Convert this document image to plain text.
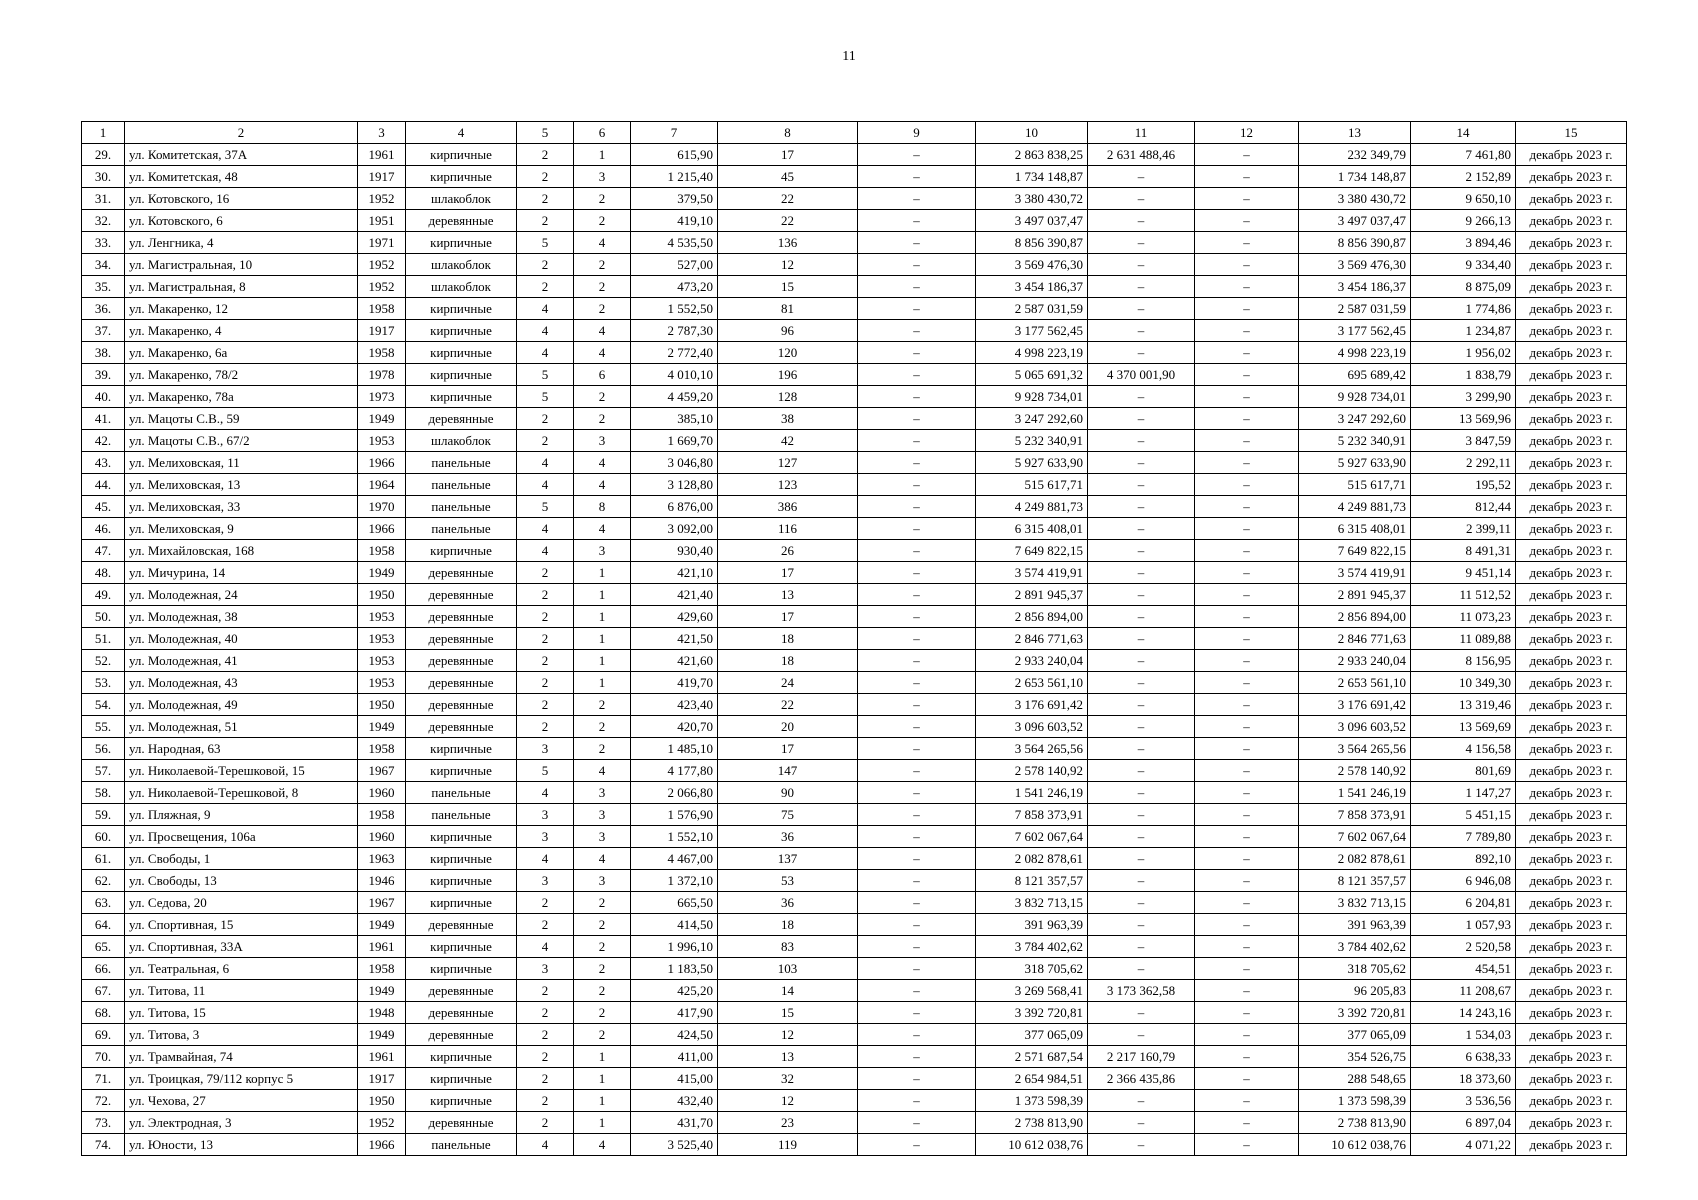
11
1	2	3	4	5	6	7	8	9	10	11	12	13	14	15
29.	ул. Комитетская, 37А	1961	кирпичные	2	1	615,90	17	–	2 863 838,25	2 631 488,46	–	232 349,79	7 461,80	декабрь 2023 г.
30.	ул. Комитетская, 48	1917	кирпичные	2	3	1 215,40	45	–	1 734 148,87	–	–	1 734 148,87	2 152,89	декабрь 2023 г.
31.	ул. Котовского, 16	1952	шлакоблок	2	2	379,50	22	–	3 380 430,72	–	–	3 380 430,72	9 650,10	декабрь 2023 г.
32.	ул. Котовского, 6	1951	деревянные	2	2	419,10	22	–	3 497 037,47	–	–	3 497 037,47	9 266,13	декабрь 2023 г.
33.	ул. Ленгника, 4	1971	кирпичные	5	4	4 535,50	136	–	8 856 390,87	–	–	8 856 390,87	3 894,46	декабрь 2023 г.
34.	ул. Магистральная, 10	1952	шлакоблок	2	2	527,00	12	–	3 569 476,30	–	–	3 569 476,30	9 334,40	декабрь 2023 г.
35.	ул. Магистральная, 8	1952	шлакоблок	2	2	473,20	15	–	3 454 186,37	–	–	3 454 186,37	8 875,09	декабрь 2023 г.
36.	ул. Макаренко, 12	1958	кирпичные	4	2	1 552,50	81	–	2 587 031,59	–	–	2 587 031,59	1 774,86	декабрь 2023 г.
37.	ул. Макаренко, 4	1917	кирпичные	4	4	2 787,30	96	–	3 177 562,45	–	–	3 177 562,45	1 234,87	декабрь 2023 г.
38.	ул. Макаренко, 6а	1958	кирпичные	4	4	2 772,40	120	–	4 998 223,19	–	–	4 998 223,19	1 956,02	декабрь 2023 г.
39.	ул. Макаренко, 78/2	1978	кирпичные	5	6	4 010,10	196	–	5 065 691,32	4 370 001,90	–	695 689,42	1 838,79	декабрь 2023 г.
40.	ул. Макаренко, 78а	1973	кирпичные	5	2	4 459,20	128	–	9 928 734,01	–	–	9 928 734,01	3 299,90	декабрь 2023 г.
41.	ул. Мацоты С.В., 59	1949	деревянные	2	2	385,10	38	–	3 247 292,60	–	–	3 247 292,60	13 569,96	декабрь 2023 г.
42.	ул. Мацоты С.В., 67/2	1953	шлакоблок	2	3	1 669,70	42	–	5 232 340,91	–	–	5 232 340,91	3 847,59	декабрь 2023 г.
43.	ул. Мелиховская, 11	1966	панельные	4	4	3 046,80	127	–	5 927 633,90	–	–	5 927 633,90	2 292,11	декабрь 2023 г.
44.	ул. Мелиховская, 13	1964	панельные	4	4	3 128,80	123	–	515 617,71	–	–	515 617,71	195,52	декабрь 2023 г.
45.	ул. Мелиховская, 33	1970	панельные	5	8	6 876,00	386	–	4 249 881,73	–	–	4 249 881,73	812,44	декабрь 2023 г.
46.	ул. Мелиховская, 9	1966	панельные	4	4	3 092,00	116	–	6 315 408,01	–	–	6 315 408,01	2 399,11	декабрь 2023 г.
47.	ул. Михайловская, 168	1958	кирпичные	4	3	930,40	26	–	7 649 822,15	–	–	7 649 822,15	8 491,31	декабрь 2023 г.
48.	ул. Мичурина, 14	1949	деревянные	2	1	421,10	17	–	3 574 419,91	–	–	3 574 419,91	9 451,14	декабрь 2023 г.
49.	ул. Молодежная, 24	1950	деревянные	2	1	421,40	13	–	2 891 945,37	–	–	2 891 945,37	11 512,52	декабрь 2023 г.
50.	ул. Молодежная, 38	1953	деревянные	2	1	429,60	17	–	2 856 894,00	–	–	2 856 894,00	11 073,23	декабрь 2023 г.
51.	ул. Молодежная, 40	1953	деревянные	2	1	421,50	18	–	2 846 771,63	–	–	2 846 771,63	11 089,88	декабрь 2023 г.
52.	ул. Молодежная, 41	1953	деревянные	2	1	421,60	18	–	2 933 240,04	–	–	2 933 240,04	8 156,95	декабрь 2023 г.
53.	ул. Молодежная, 43	1953	деревянные	2	1	419,70	24	–	2 653 561,10	–	–	2 653 561,10	10 349,30	декабрь 2023 г.
54.	ул. Молодежная, 49	1950	деревянные	2	2	423,40	22	–	3 176 691,42	–	–	3 176 691,42	13 319,46	декабрь 2023 г.
55.	ул. Молодежная, 51	1949	деревянные	2	2	420,70	20	–	3 096 603,52	–	–	3 096 603,52	13 569,69	декабрь 2023 г.
56.	ул. Народная, 63	1958	кирпичные	3	2	1 485,10	17	–	3 564 265,56	–	–	3 564 265,56	4 156,58	декабрь 2023 г.
57.	ул. Николаевой-Терешковой, 15	1967	кирпичные	5	4	4 177,80	147	–	2 578 140,92	–	–	2 578 140,92	801,69	декабрь 2023 г.
58.	ул. Николаевой-Терешковой, 8	1960	панельные	4	3	2 066,80	90	–	1 541 246,19	–	–	1 541 246,19	1 147,27	декабрь 2023 г.
59.	ул. Пляжная, 9	1958	панельные	3	3	1 576,90	75	–	7 858 373,91	–	–	7 858 373,91	5 451,15	декабрь 2023 г.
60.	ул. Просвещения, 106а	1960	кирпичные	3	3	1 552,10	36	–	7 602 067,64	–	–	7 602 067,64	7 789,80	декабрь 2023 г.
61.	ул. Свободы, 1	1963	кирпичные	4	4	4 467,00	137	–	2 082 878,61	–	–	2 082 878,61	892,10	декабрь 2023 г.
62.	ул. Свободы, 13	1946	кирпичные	3	3	1 372,10	53	–	8 121 357,57	–	–	8 121 357,57	6 946,08	декабрь 2023 г.
63.	ул. Седова, 20	1967	кирпичные	2	2	665,50	36	–	3 832 713,15	–	–	3 832 713,15	6 204,81	декабрь 2023 г.
64.	ул. Спортивная, 15	1949	деревянные	2	2	414,50	18	–	391 963,39	–	–	391 963,39	1 057,93	декабрь 2023 г.
65.	ул. Спортивная, 33А	1961	кирпичные	4	2	1 996,10	83	–	3 784 402,62	–	–	3 784 402,62	2 520,58	декабрь 2023 г.
66.	ул. Театральная, 6	1958	кирпичные	3	2	1 183,50	103	–	318 705,62	–	–	318 705,62	454,51	декабрь 2023 г.
67.	ул. Титова, 11	1949	деревянные	2	2	425,20	14	–	3 269 568,41	3 173 362,58	–	96 205,83	11 208,67	декабрь 2023 г.
68.	ул. Титова, 15	1948	деревянные	2	2	417,90	15	–	3 392 720,81	–	–	3 392 720,81	14 243,16	декабрь 2023 г.
69.	ул. Титова, 3	1949	деревянные	2	2	424,50	12	–	377 065,09	–	–	377 065,09	1 534,03	декабрь 2023 г.
70.	ул. Трамвайная, 74	1961	кирпичные	2	1	411,00	13	–	2 571 687,54	2 217 160,79	–	354 526,75	6 638,33	декабрь 2023 г.
71.	ул. Троицкая, 79/112 корпус 5	1917	кирпичные	2	1	415,00	32	–	2 654 984,51	2 366 435,86	–	288 548,65	18 373,60	декабрь 2023 г.
72.	ул. Чехова, 27	1950	кирпичные	2	1	432,40	12	–	1 373 598,39	–	–	1 373 598,39	3 536,56	декабрь 2023 г.
73.	ул. Электродная, 3	1952	деревянные	2	1	431,70	23	–	2 738 813,90	–	–	2 738 813,90	6 897,04	декабрь 2023 г.
74.	ул. Юности, 13	1966	панельные	4	4	3 525,40	119	–	10 612 038,76	–	–	10 612 038,76	4 071,22	декабрь 2023 г.
